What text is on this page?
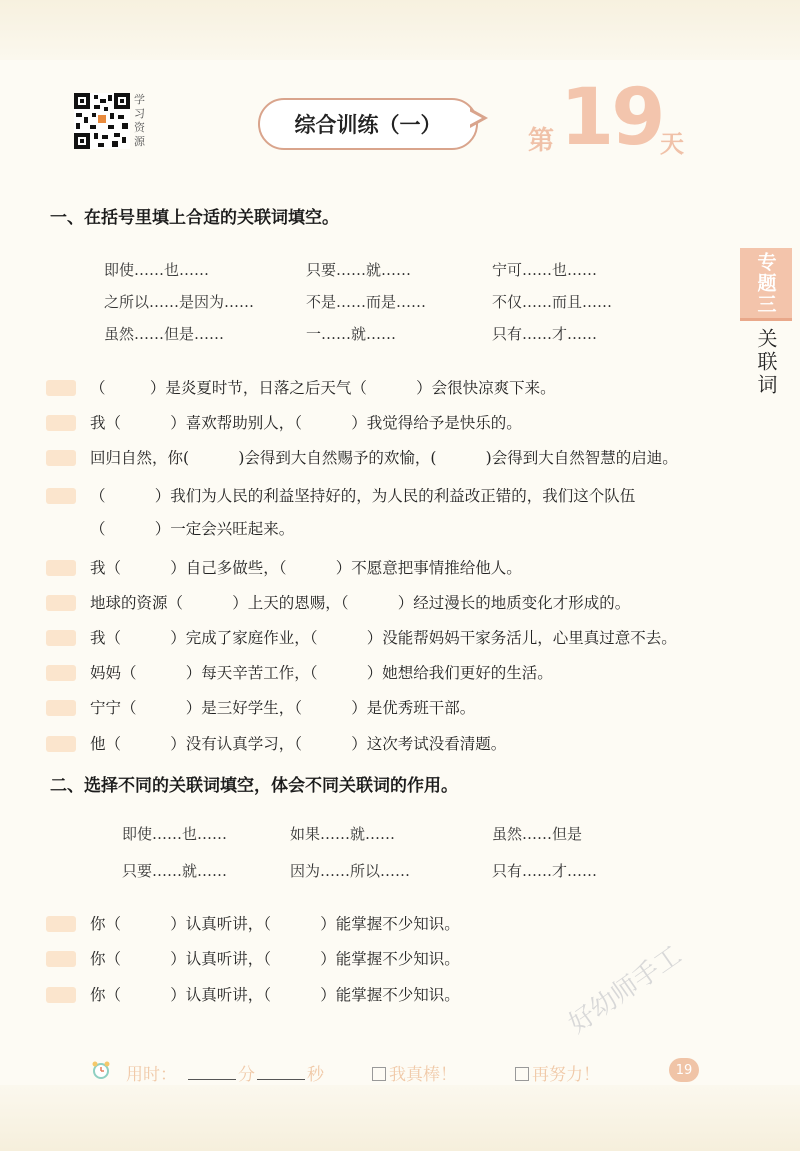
学习资源
综合训练（一）
第 19
天
专题三
关联词
一、在括号里填上合适的关联词填空。
即使……也……	只要……就……	宁可……也……
之所以……是因为……	不是……而是……	不仅……而且……
虽然……但是……	一……就……	只有……才……
（         ）是炎夏时节，日落之后天气（          ）会很快凉爽下来。
我（          ）喜欢帮助别人，（          ）我觉得给予是快乐的。
回归自然，你(          )会得到大自然赐予的欢愉，(          )会得到大自然智慧的启迪。
（          ）我们为人民的利益坚持好的，为人民的利益改正错的，我们这个队伍
（          ）一定会兴旺起来。
我（          ）自己多做些，（          ）不愿意把事情推给他人。
地球的资源（          ）上天的恩赐，（          ）经过漫长的地质变化才形成的。
我（          ）完成了家庭作业，（          ）没能帮妈妈干家务活儿，心里真过意不去。
妈妈（          ）每天辛苦工作，（          ）她想给我们更好的生活。
宁宁（          ）是三好学生，（          ）是优秀班干部。
他（          ）没有认真学习，（          ）这次考试没看清题。
二、选择不同的关联词填空，体会不同关联词的作用。
即使……也……	如果……就……	虽然……但是
只要……就……	因为……所以……	只有……才……
你（          ）认真听讲，（          ）能掌握不少知识。
你（          ）认真听讲，（          ）能掌握不少知识。
你（          ）认真听讲，（          ）能掌握不少知识。	好幼师手工
用时：	分	秒	我真棒！	再努力！	19
